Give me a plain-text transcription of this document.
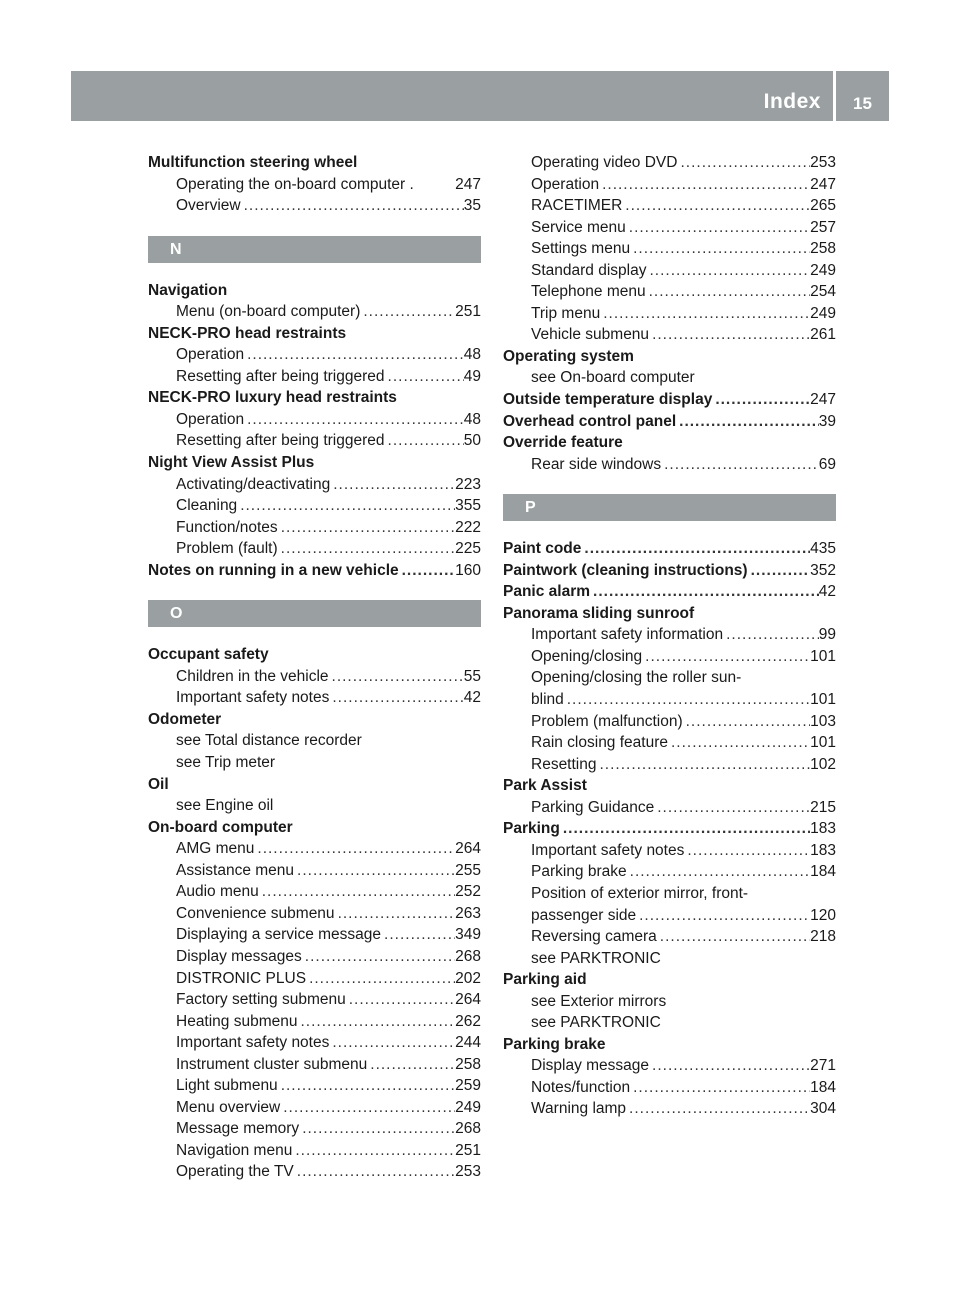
Index	15
Multifunction steering wheel
Operating the on-board computer .	247
Overview .....	35
N
Navigation
Menu (on-board computer) .....	251
NECK-PRO head restraints
Operation .....	48
Resetting after being triggered .....	49
NECK-PRO luxury head restraints
Operation .....	48
Resetting after being triggered .....	50
Night View Assist Plus
Activating/deactivating .....	223
Cleaning .....	355
Function/notes .....	222
Problem (fault) .....	225
Notes on running in a new vehicle .....	160
O
Occupant safety
Children in the vehicle .....	55
Important safety notes .....	42
Odometer
see Total distance recorder
see Trip meter
Oil
see Engine oil
On-board computer
AMG menu .....	264
Assistance menu .....	255
Audio menu .....	252
Convenience submenu .....	263
Displaying a service message .....	349
Display messages .....	268
DISTRONIC PLUS .....	202
Factory setting submenu .....	264
Heating submenu .....	262
Important safety notes .....	244
Instrument cluster submenu .....	258
Light submenu .....	259
Menu overview .....	249
Message memory .....	268
Navigation menu .....	251
Operating the TV .....	253
Operating video DVD .....	253
Operation .....	247
RACETIMER .....	265
Service menu .....	257
Settings menu .....	258
Standard display .....	249
Telephone menu .....	254
Trip menu .....	249
Vehicle submenu .....	261
Operating system
see On-board computer
Outside temperature display .....	247
Overhead control panel .....	39
Override feature
Rear side windows .....	69
P
Paint code .....	435
Paintwork (cleaning instructions) .....	352
Panic alarm .....	42
Panorama sliding sunroof
Important safety information .....	99
Opening/closing .....	101
Opening/closing the roller sun-
blind .....	101
Problem (malfunction) .....	103
Rain closing feature .....	101
Resetting .....	102
Park Assist
Parking Guidance .....	215
Parking .....	183
Important safety notes .....	183
Parking brake .....	184
Position of exterior mirror, front-
passenger side .....	120
Reversing camera .....	218
see PARKTRONIC
Parking aid
see Exterior mirrors
see PARKTRONIC
Parking brake
Display message .....	271
Notes/function .....	184
Warning lamp .....	304
